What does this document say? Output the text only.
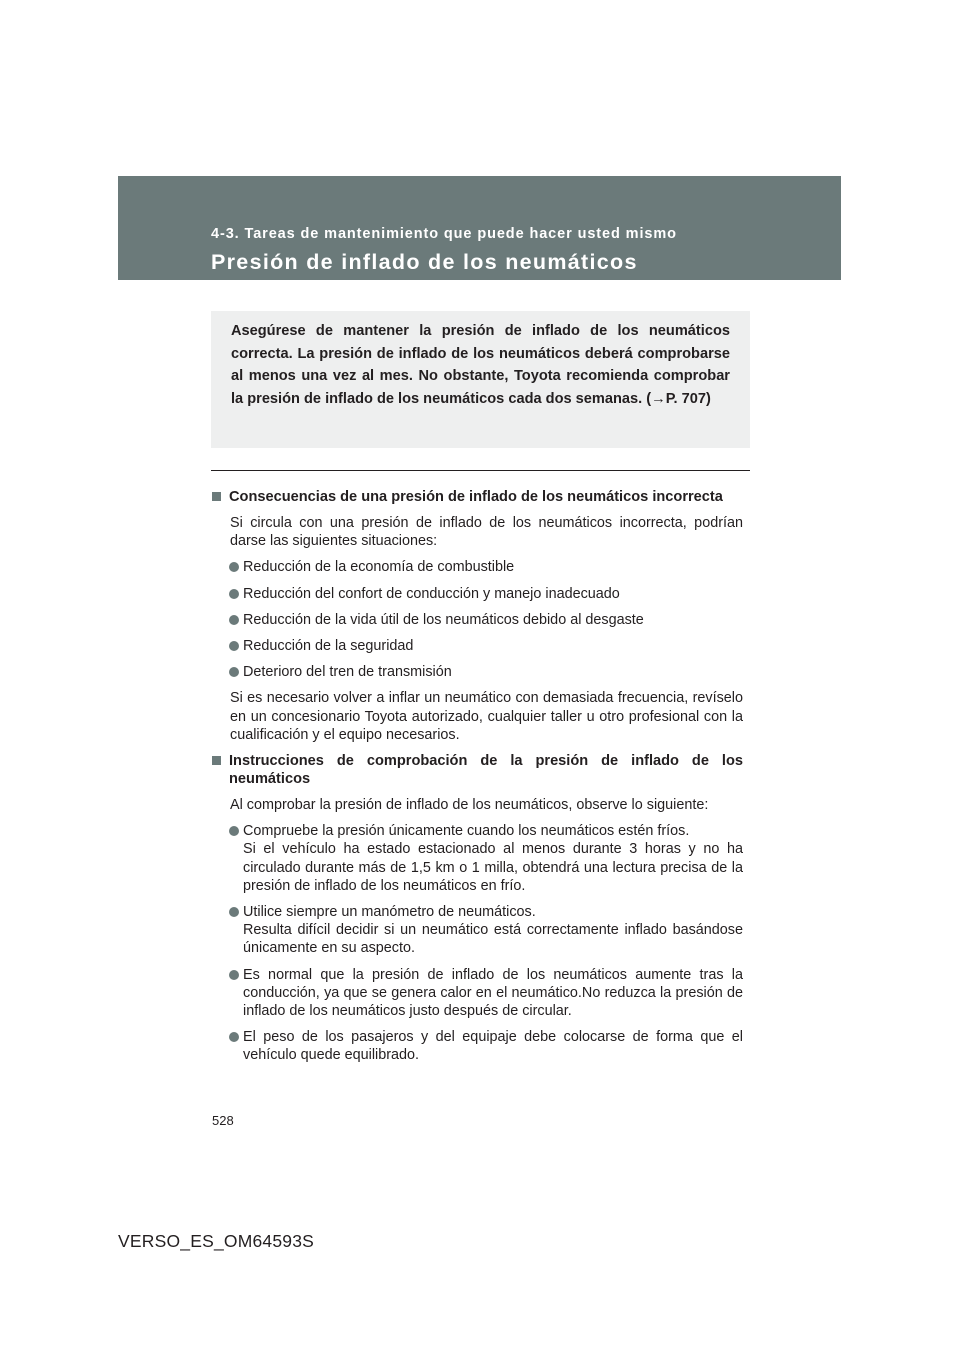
4-3. Tareas de mantenimiento que puede hacer usted mismo
Presión de inflado de los neumáticos
Asegúrese de mantener la presión de inflado de los neumáticos correcta. La presión de inflado de los neumáticos deberá comprobarse al menos una vez al mes. No obstante, Toyota recomienda comprobar la presión de inflado de los neumáticos cada dos semanas. (→P. 707)
Consecuencias de una presión de inflado de los neumáticos incorrecta
Si circula con una presión de inflado de los neumáticos incorrecta, podrían darse las siguientes situaciones:
Reducción de la economía de combustible
Reducción del confort de conducción y manejo inadecuado
Reducción de la vida útil de los neumáticos debido al desgaste
Reducción de la seguridad
Deterioro del tren de transmisión
Si es necesario volver a inflar un neumático con demasiada frecuencia, revíselo en un concesionario Toyota autorizado, cualquier taller u otro profesional con la cualificación y el equipo necesarios.
Instrucciones de comprobación de la presión de inflado de los neumáticos
Al comprobar la presión de inflado de los neumáticos, observe lo siguiente:
Compruebe la presión únicamente cuando los neumáticos estén fríos.
Si el vehículo ha estado estacionado al menos durante 3 horas y no ha circulado durante más de 1,5 km o 1 milla, obtendrá una lectura precisa de la presión de inflado de los neumáticos en frío.
Utilice siempre un manómetro de neumáticos.
Resulta difícil decidir si un neumático está correctamente inflado basándose únicamente en su aspecto.
Es normal que la presión de inflado de los neumáticos aumente tras la conducción, ya que se genera calor en el neumático.No reduzca la presión de inflado de los neumáticos justo después de circular.
El peso de los pasajeros y del equipaje debe colocarse de forma que el vehículo quede equilibrado.
528
VERSO_ES_OM64593S
